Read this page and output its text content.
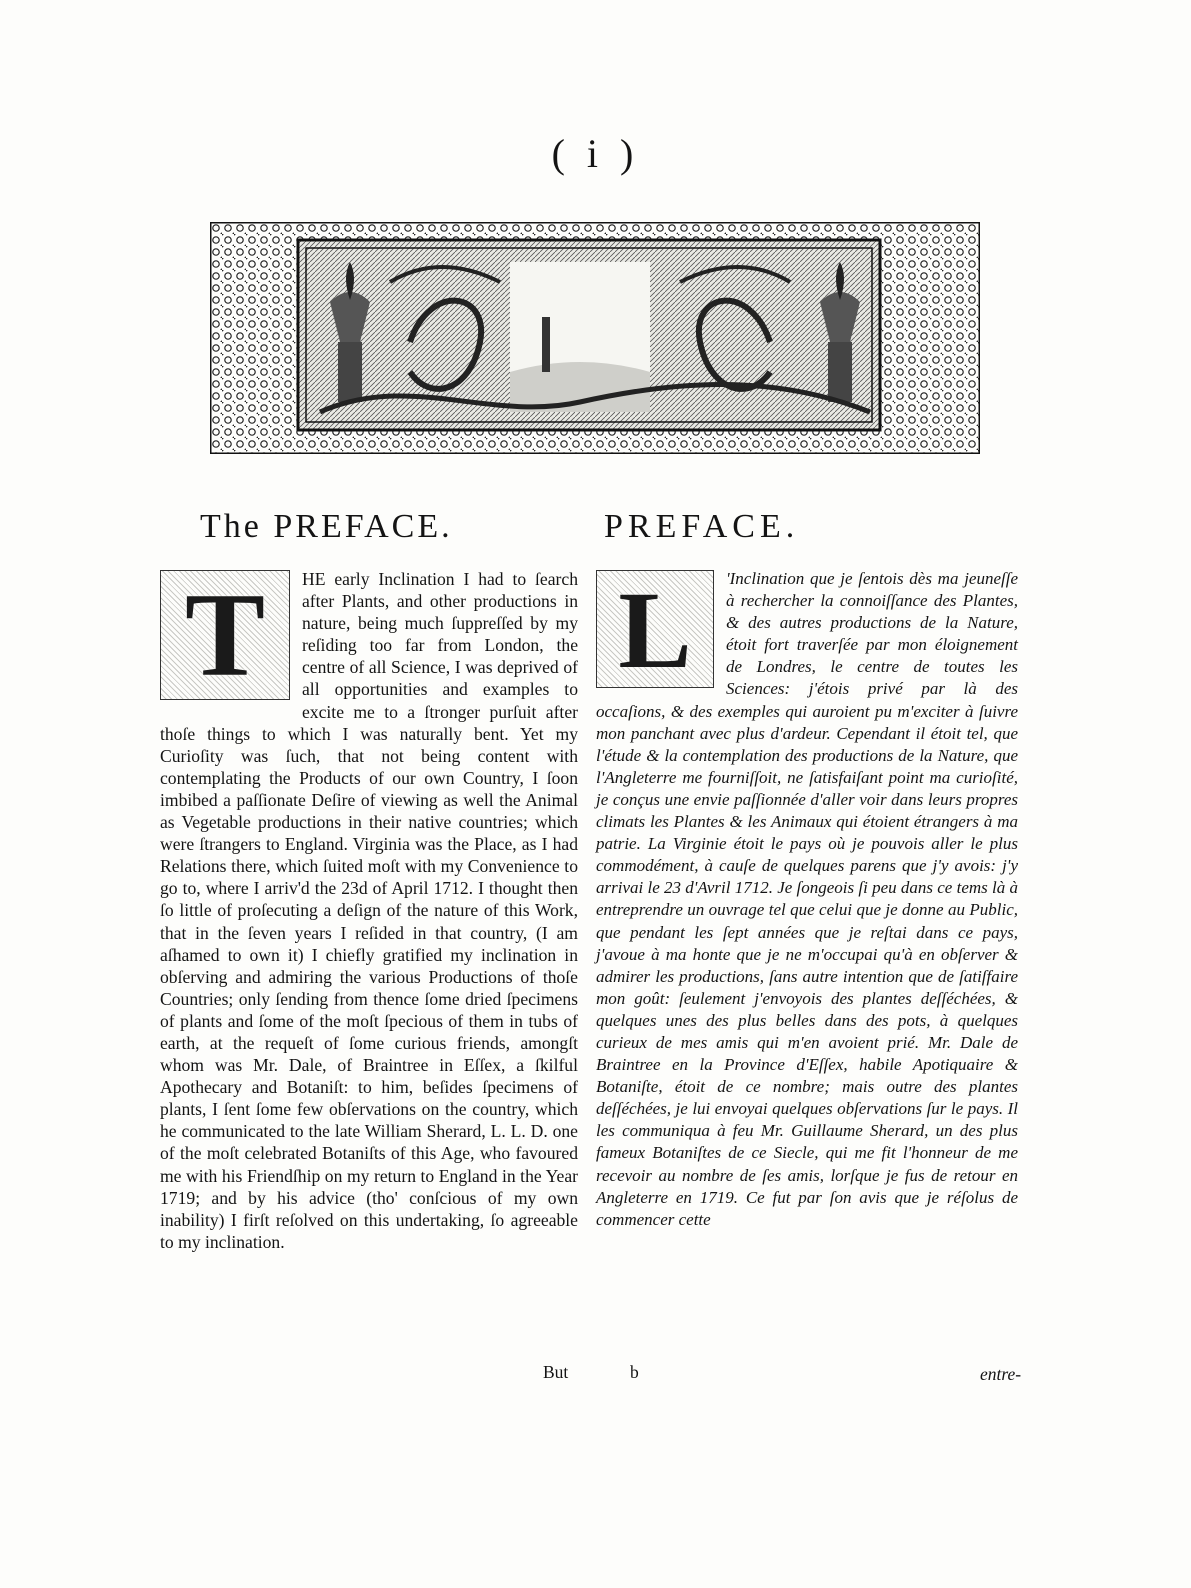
( i )
The PREFACE.	PREFACE.
T	HE early Inclination I had to ſearch after Plants, and other productions in nature, being much ſuppreſſed by my reſiding too far from London, the centre of all Science, I was deprived of all opportunities and examples to excite me to a ſtronger purſuit after thoſe things to which I was naturally bent. Yet my Curioſity was ſuch, that not being content with contemplating the Products of our own Country, I ſoon imbibed a paſſionate Deſire of viewing as well the Animal as Vegetable productions in their native countries; which were ſtrangers to England. Virginia was the Place, as I had Relations there, which ſuited moſt with my Convenience to go to, where I arriv'd the 23d of April 1712. I thought then ſo little of proſecuting a deſign of the nature of this Work, that in the ſeven years I reſided in that country, (I am aſhamed to own it) I chiefly gratified my inclination in obſerving and admiring the various Productions of thoſe Countries; only ſending from thence ſome dried ſpecimens of plants and ſome of the moſt ſpecious of them in tubs of earth, at the requeſt of ſome curious friends, amongſt whom was Mr. Dale, of Braintree in Eſſex, a ſkilful Apothecary and Botaniſt: to him, beſides ſpecimens of plants, I ſent ſome few obſervations on the country, which he communicated to the late William Sherard, L. L. D. one of the moſt celebrated Botaniſts of this Age, who favoured me with his Friendſhip on my return to England in the Year 1719; and by his advice (tho' conſcious of my own inability) I firſt reſolved on this undertaking, ſo agreeable to my inclination.

L	'Inclination que je ſentois dès ma jeuneſſe à rechercher la connoiſſance des Plantes, & des autres productions de la Nature, étoit fort traverſée par mon éloignement de Londres, le centre de toutes les Sciences: j'étois privé par là des occaſions, & des exemples qui auroient pu m'exciter à ſuivre mon panchant avec plus d'ardeur. Cependant il étoit tel, que l'étude & la contemplation des productions de la Nature, que l'Angleterre me fourniſſoit, ne ſatisfaiſant point ma curioſité, je conçus une envie paſſionnée d'aller voir dans leurs propres climats les Plantes & les Animaux qui étoient étrangers à ma patrie. La Virginie étoit le pays où je pouvois aller le plus commodément, à cauſe de quelques parens que j'y avois: j'y arrivai le 23 d'Avril 1712. Je ſongeois ſi peu dans ce tems là à entreprendre un ouvrage tel que celui que je donne au Public, que pendant les ſept années que je reſtai dans ce pays, j'avoue à ma honte que je ne m'occupai qu'à en obſerver & admirer les productions, ſans autre intention que de ſatiſfaire mon goût: ſeulement j'envoyois des plantes deſſéchées, & quelques unes des plus belles dans des pots, à quelques curieux de mes amis qui m'en avoient prié. Mr. Dale de Braintree en la Province d'Eſſex, habile Apotiquaire & Botaniſte, étoit de ce nombre; mais outre des plantes deſſéchées, je lui envoyai quelques obſervations ſur le pays. Il les communiqua à feu Mr. Guillaume Sherard, un des plus fameux Botaniſtes de ce Siecle, qui me fit l'honneur de me recevoir au nombre de ſes amis, lorſque je fus de retour en Angleterre en 1719. Ce fut par ſon avis que je réſolus de commencer cette

But	b	entre-
